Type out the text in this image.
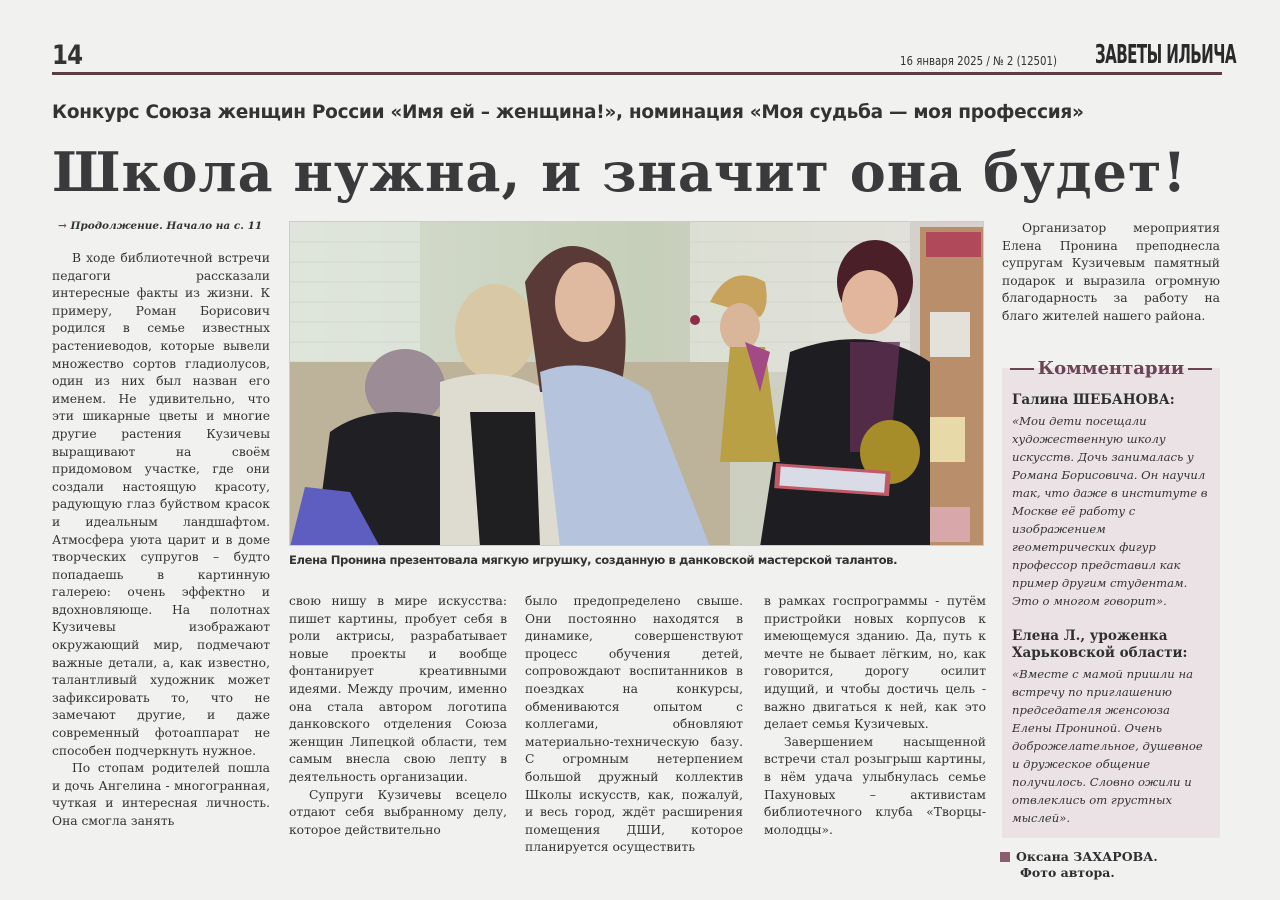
14	16 января 2025 / № 2 (12501) ЗАВЕТЫ ИЛЬИЧА
Конкурс Союза женщин России «Имя ей – женщина!», номинация «Моя судьба — моя профессия»
Школа нужна, и значит она будет!
→ Продолжение. Начало на с. 11

В ходе библиотечной встречи педагоги рассказали интересные факты из жизни. К примеру, Роман Борисович родился в семье известных растениеводов, которые вывели множество сортов гладиолусов, один из них был назван его именем. Не удивительно, что эти шикарные цветы и многие другие растения Кузичевы выращивают на своём придомовом участке, где они создали настоящую красоту, радующую глаз буйством красок и идеальным ландшафтом. Атмосфера уюта царит и в доме творческих супругов – будто попадаешь в картинную галерею: очень эффектно и вдохновляюще. На полотнах Кузичевы изображают окружающий мир, подмечают важные детали, а, как известно, талантливый художник может зафиксировать то, что не замечают другие, и даже современный фотоаппарат не способен подчеркнуть нужное.

По стопам родителей пошла и дочь Ангелина - многогранная, чуткая и интересная личность. Она смогла занять

Елена Пронина презентовала мягкую игрушку, созданную в данковской мастерской талантов.

свою нишу в мире искусства: пишет картины, пробует себя в роли актрисы, разрабатывает новые проекты и вообще фонтанирует креативными идеями. Между прочим, именно она стала автором логотипа данковского отделения Союза женщин Липецкой области, тем самым внесла свою лепту в деятельность организации.

Супруги Кузичевы всецело отдают себя выбранному делу, которое действительно

было предопределено свыше. Они постоянно находятся в динамике, совершенствуют процесс обучения детей, сопровождают воспитанников в поездках на конкурсы, обмениваются опытом с коллегами, обновляют материально-техническую базу. С огромным нетерпением большой дружный коллектив Школы искусств, как, пожалуй, и весь город, ждёт расширения помещения ДШИ, которое планируется осуществить

в рамках госпрограммы - путём пристройки новых корпусов к имеющемуся зданию. Да, путь к мечте не бывает лёгким, но, как говорится, дорогу осилит идущий, и чтобы достичь цель - важно двигаться к ней, как это делает семья Кузичевых.

Завершением насыщенной встречи стал розыгрыш картины, в нём удача улыбнулась семье Пахуновых – активистам библиотечного клуба «Творцы-молодцы».

Организатор мероприятия Елена Пронина преподнесла супругам Кузичевым памятный подарок и выразила огромную благодарность за работу на благо жителей нашего района.

Комментарии
Галина ШЕБАНОВА:
«Мои дети посещали художественную школу искусств. Дочь занималась у Романа Борисовича. Он научил так, что даже в институте в Москве её работу с изображением геометрических фигур профессор представил как пример другим студентам. Это о многом говорит».
Елена Л., уроженка Харьковской области:
«Вместе с мамой пришли на встречу по приглашению председателя женсоюза Елены Прониной. Очень доброжелательное, душевное и дружеское общение получилось. Словно ожили и отвлеклись от грустных мыслей».
Оксана ЗАХАРОВА.
Фото автора.
